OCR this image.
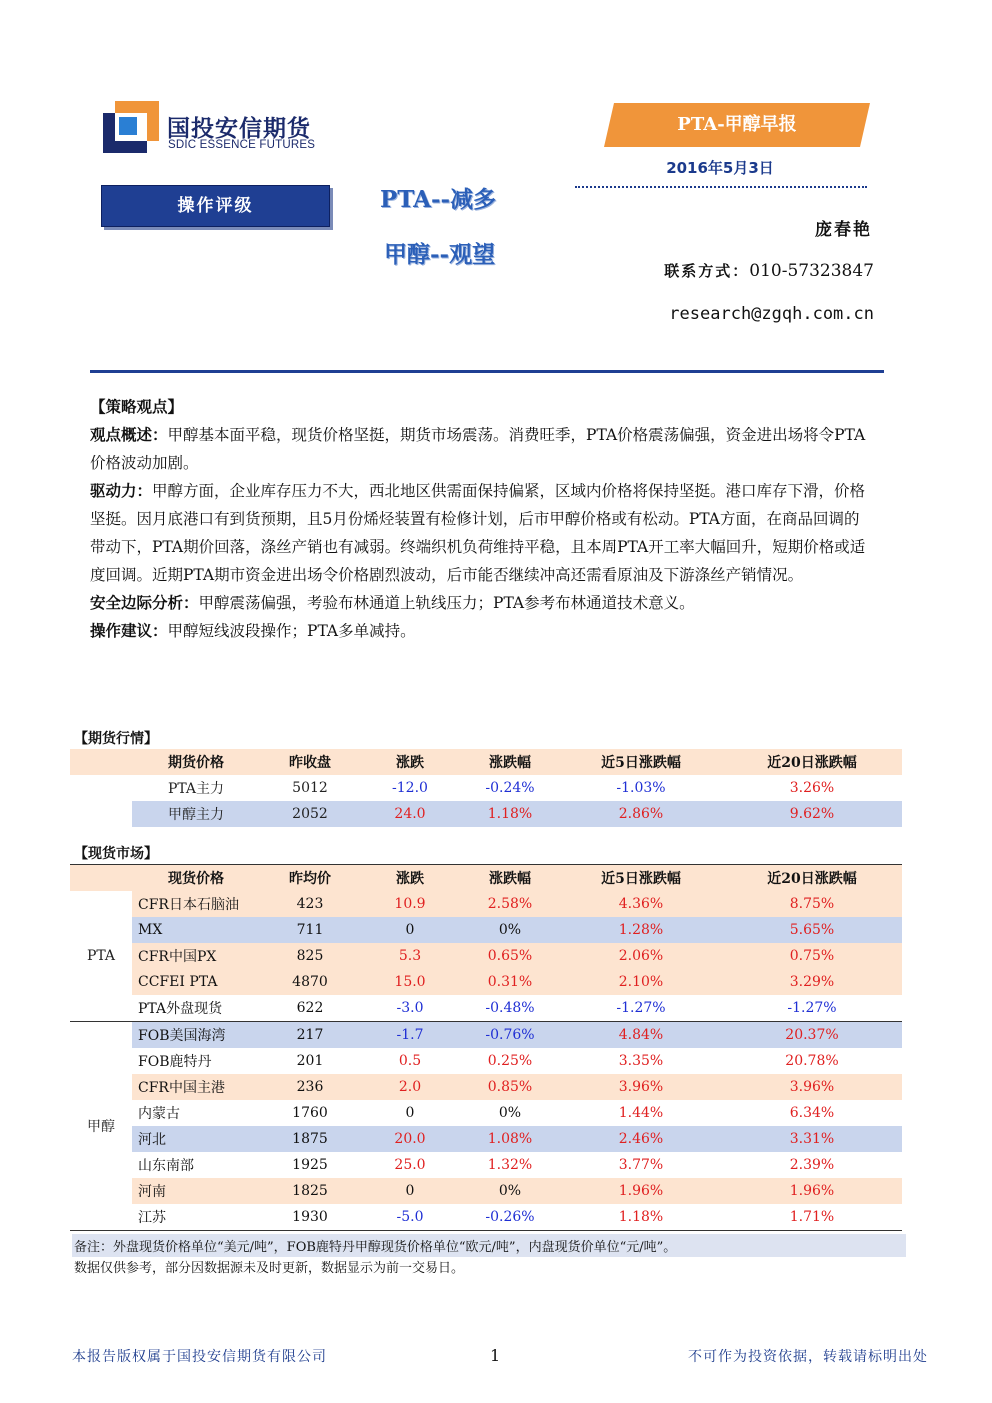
国投安信期货
SDIC ESSENCE FUTURES
PTA-甲醇早报
2016年5月3日
操作评级	PTA--减多
甲醇--观望
庞春艳
联系方式：010-57323847
research@zgqh.com.cn

【策略观点】

观点概述：甲醇基本面平稳，现货价格坚挺，期货市场震荡。消费旺季，PTA价格震荡偏强，资金进出场将令PTA价格波动加剧。

驱动力：甲醇方面，企业库存压力不大，西北地区供需面保持偏紧，区域内价格将保持坚挺。港口库存下滑，价格坚挺。因月底港口有到货预期，且5月份烯烃装置有检修计划，后市甲醇价格或有松动。PTA方面，在商品回调的带动下，PTA期价回落，涤丝产销也有减弱。终端织机负荷维持平稳，且本周PTA开工率大幅回升，短期价格或适度回调。近期PTA期市资金进出场令价格剧烈波动，后市能否继续冲高还需看原油及下游涤丝产销情况。

安全边际分析：甲醇震荡偏强，考验布林通道上轨线压力；PTA参考布林通道技术意义。

操作建议：甲醇短线波段操作；PTA多单减持。

【期货行情】
	期货价格	昨收盘	涨跌	涨跌幅	近5日涨跌幅	近20日涨跌幅
	PTA主力	5012	-12.0	-0.24%	-1.03%	3.26%
	甲醇主力	2052	24.0	1.18%	2.86%	9.62%
【现货市场】
	现货价格	昨均价	涨跌	涨跌幅	近5日涨跌幅	近20日涨跌幅
PTA	CFR日本石脑油	423	10.9	2.58%	4.36%	8.75%
	MX	711	0	0%	1.28%	5.65%
	CFR中国PX	825	5.3	0.65%	2.06%	0.75%
	CCFEI PTA	4870	15.0	0.31%	2.10%	3.29%
	PTA外盘现货	622	-3.0	-0.48%	-1.27%	-1.27%
甲醇	FOB美国海湾	217	-1.7	-0.76%	4.84%	20.37%
	FOB鹿特丹	201	0.5	0.25%	3.35%	20.78%
	CFR中国主港	236	2.0	0.85%	3.96%	3.96%
	内蒙古	1760	0	0%	1.44%	6.34%
	河北	1875	20.0	1.08%	2.46%	3.31%
	山东南部	1925	25.0	1.32%	3.77%	2.39%
	河南	1825	0	0%	1.96%	1.96%
	江苏	1930	-5.0	-0.26%	1.18%	1.71%
备注：外盘现货价格单位“美元/吨”，FOB鹿特丹甲醇现货价格单位“欧元/吨”，内盘现货价单位“元/吨”。
数据仅供参考，部分因数据源未及时更新，数据显示为前一交易日。
本报告版权属于国投安信期货有限公司	1	不可作为投资依据，转载请标明出处
